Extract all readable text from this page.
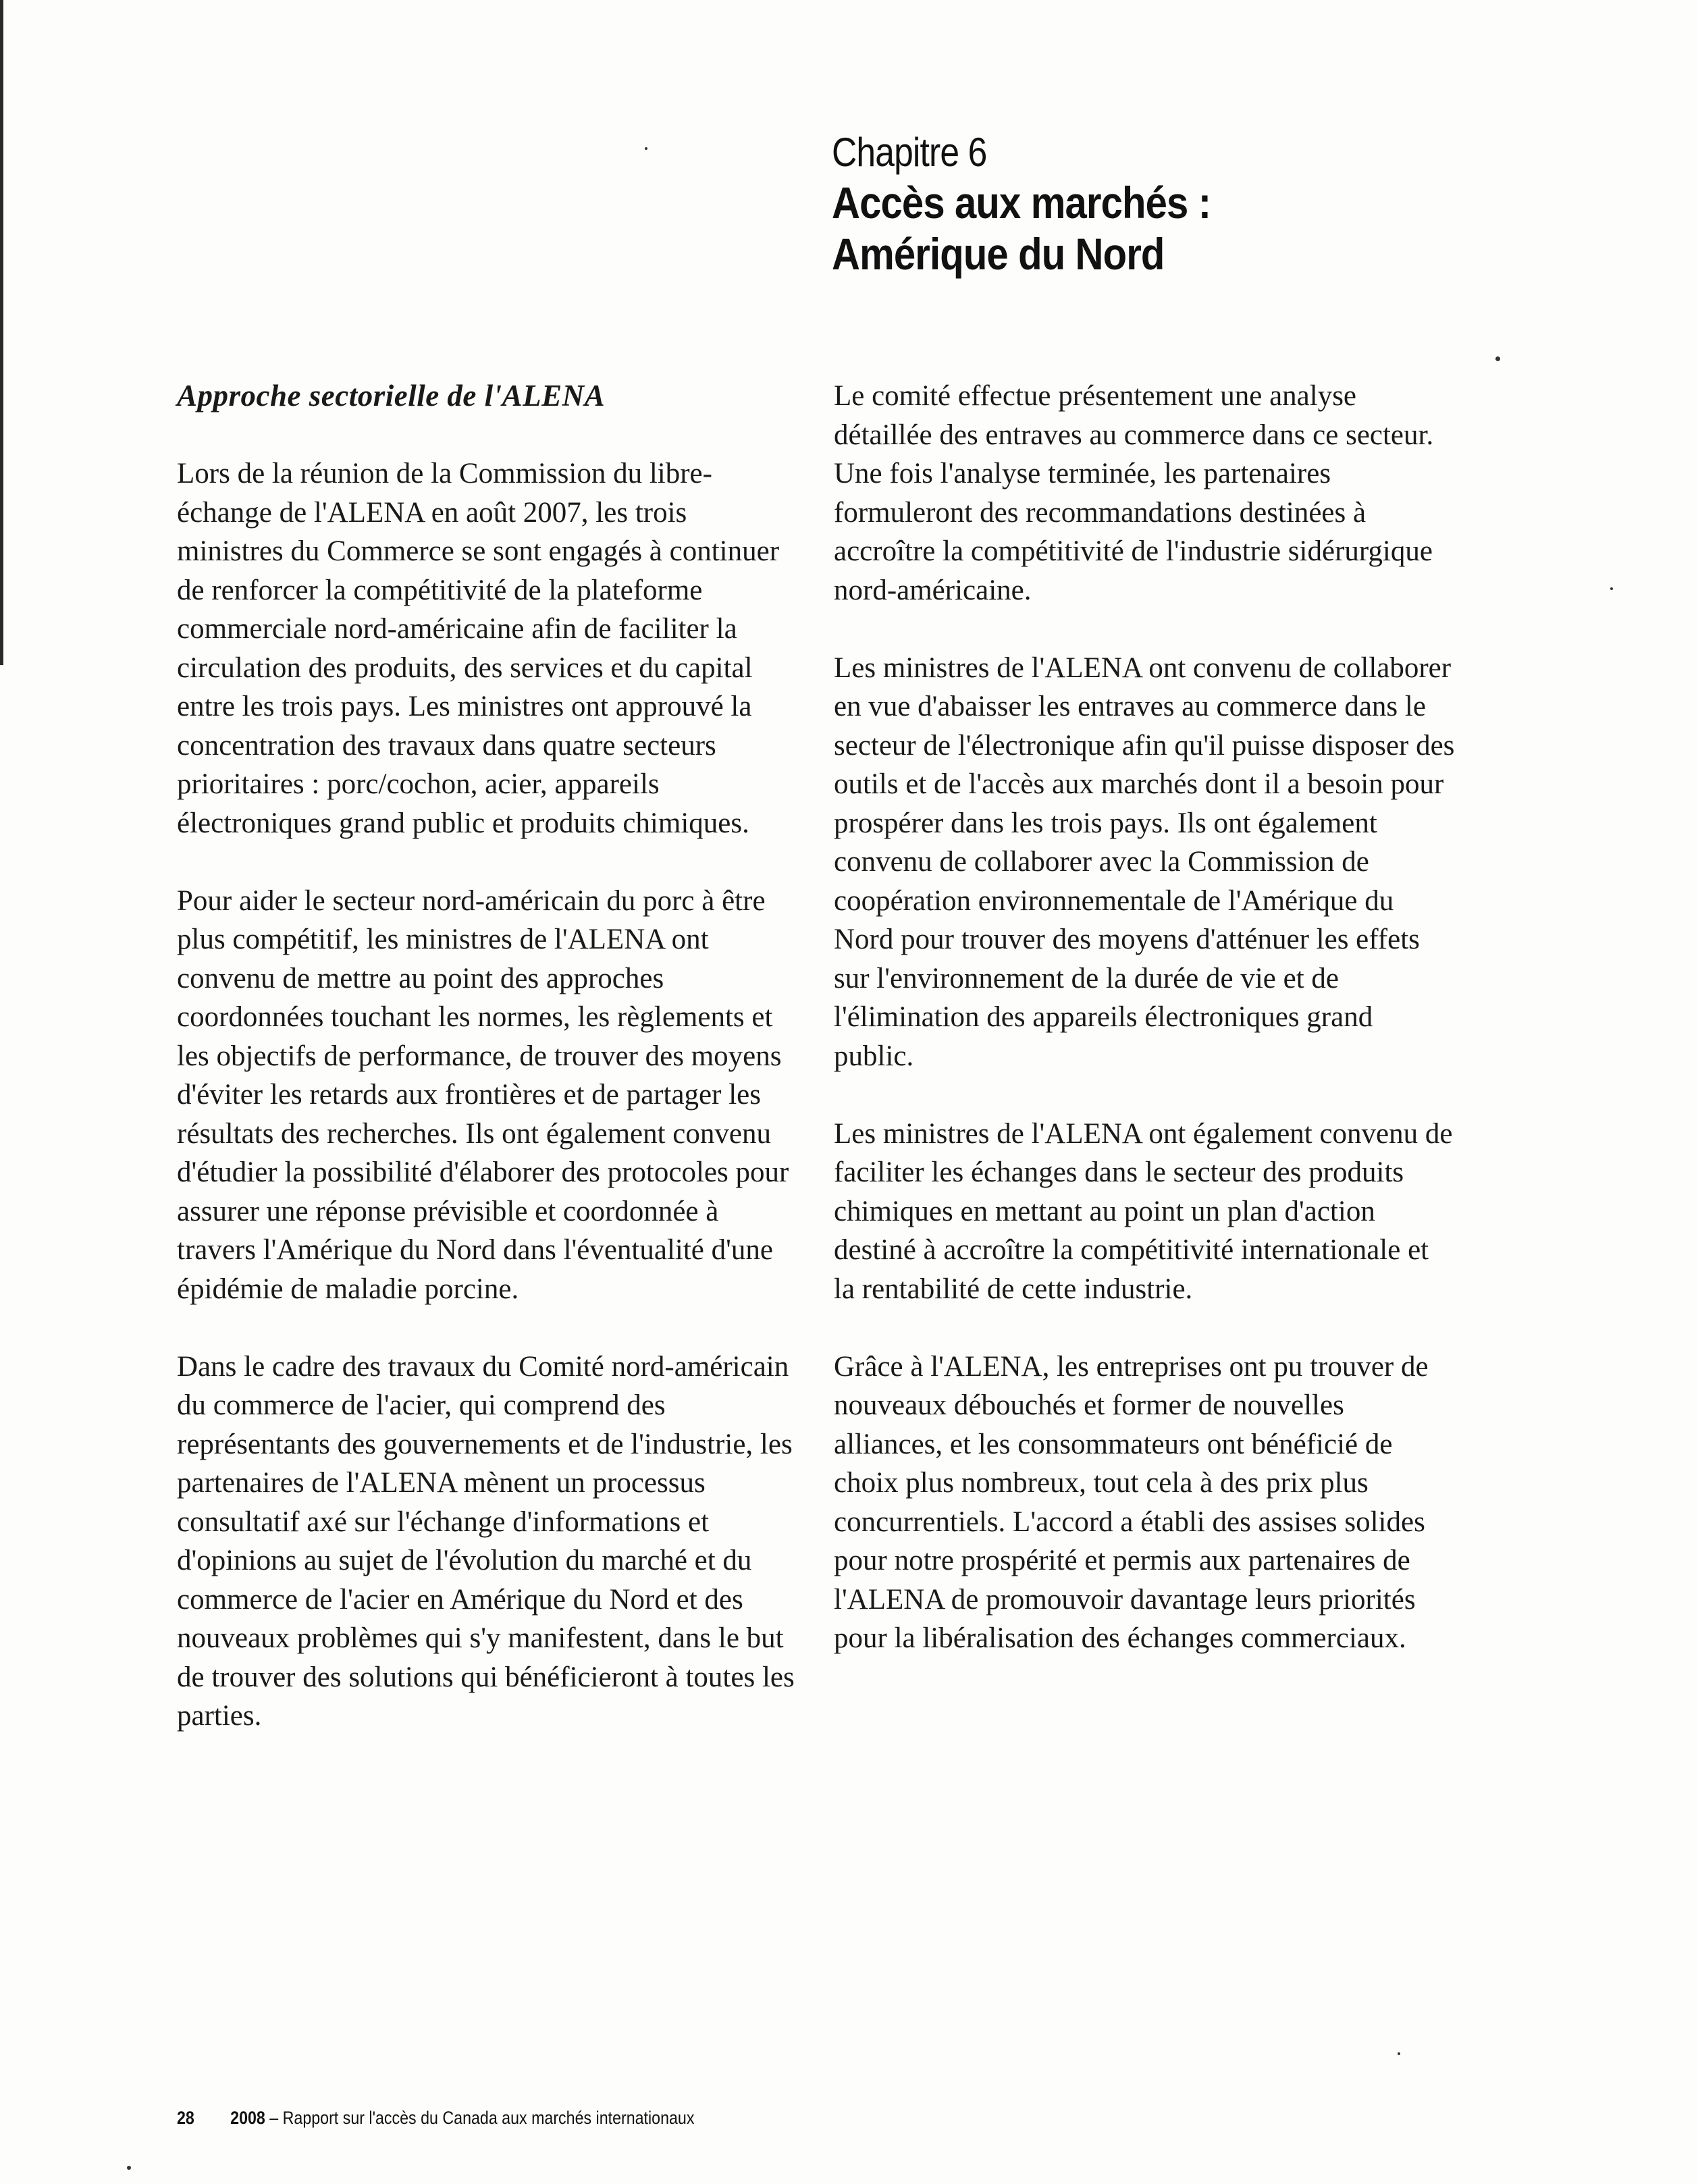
Chapitre 6
Accès aux marchés :
Amérique du Nord
Approche sectorielle de l'ALENA

Lors de la réunion de la Commission du libre-échange de l'ALENA en août 2007, les trois ministres du Commerce se sont engagés à continuer de renforcer la compétitivité de la plateforme commerciale nord-américaine afin de faciliter la circulation des produits, des services et du capital entre les trois pays. Les ministres ont approuvé la concentration des travaux dans quatre secteurs prioritaires : porc/cochon, acier, appareils électroniques grand public et produits chimiques.

Pour aider le secteur nord-américain du porc à être plus compétitif, les ministres de l'ALENA ont convenu de mettre au point des approches coordonnées touchant les normes, les règlements et les objectifs de performance, de trouver des moyens d'éviter les retards aux frontières et de partager les résultats des recherches. Ils ont également convenu d'étudier la possibilité d'élaborer des protocoles pour assurer une réponse prévisible et coordonnée à travers l'Amérique du Nord dans l'éventualité d'une épidémie de maladie porcine.

Dans le cadre des travaux du Comité nord-américain du commerce de l'acier, qui comprend des représentants des gouvernements et de l'industrie, les partenaires de l'ALENA mènent un processus consultatif axé sur l'échange d'informations et d'opinions au sujet de l'évolution du marché et du commerce de l'acier en Amérique du Nord et des nouveaux problèmes qui s'y manifestent, dans le but de trouver des solutions qui bénéficieront à toutes les parties.

Le comité effectue présentement une analyse détaillée des entraves au commerce dans ce secteur. Une fois l'analyse terminée, les partenaires formuleront des recommandations destinées à accroître la compétitivité de l'industrie sidérurgique nord-américaine.

Les ministres de l'ALENA ont convenu de collaborer en vue d'abaisser les entraves au commerce dans le secteur de l'électronique afin qu'il puisse disposer des outils et de l'accès aux marchés dont il a besoin pour prospérer dans les trois pays. Ils ont également convenu de collaborer avec la Commission de coopération environnementale de l'Amérique du Nord pour trouver des moyens d'atténuer les effets sur l'environnement de la durée de vie et de l'élimination des appareils électroniques grand public.

Les ministres de l'ALENA ont également convenu de faciliter les échanges dans le secteur des produits chimiques en mettant au point un plan d'action destiné à accroître la compétitivité internationale et la rentabilité de cette industrie.

Grâce à l'ALENA, les entreprises ont pu trouver de nouveaux débouchés et former de nouvelles alliances, et les consommateurs ont bénéficié de choix plus nombreux, tout cela à des prix plus concurrentiels. L'accord a établi des assises solides pour notre prospérité et permis aux partenaires de l'ALENA de promouvoir davantage leurs priorités pour la libéralisation des échanges commerciaux.

28 2008 – Rapport sur l'accès du Canada aux marchés internationaux
